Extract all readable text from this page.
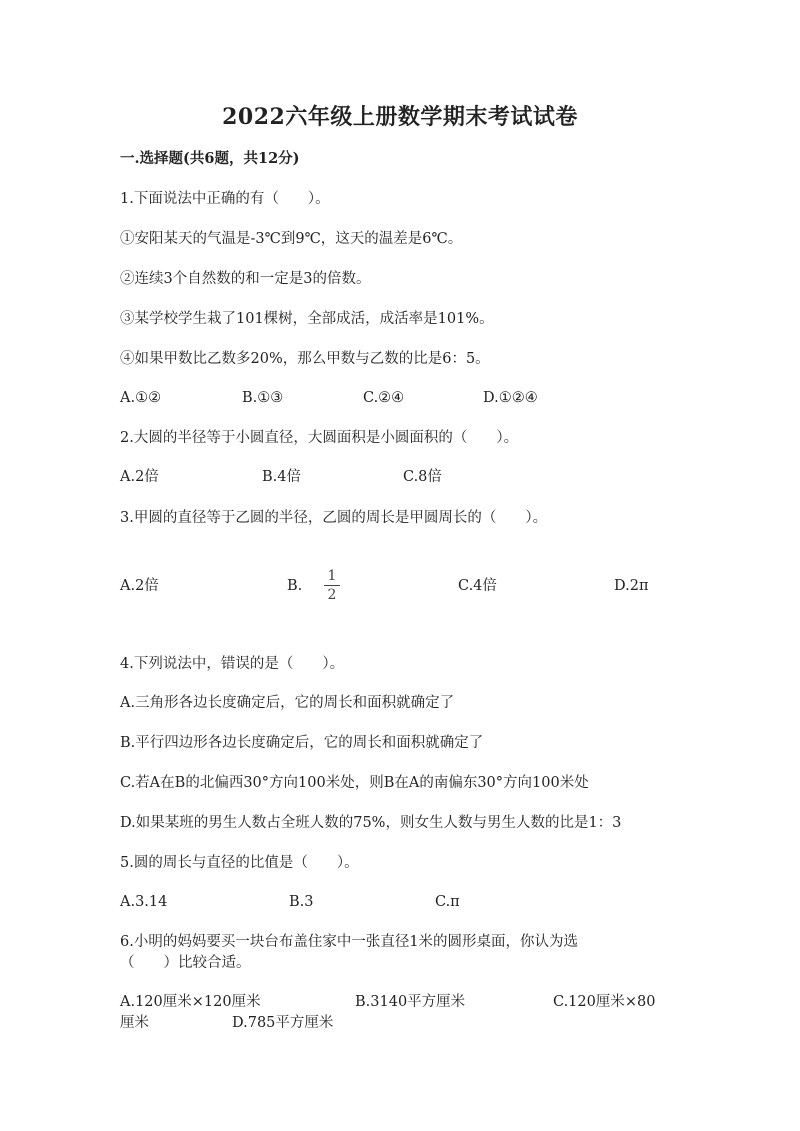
2022六年级上册数学期末考试试卷
一.选择题(共6题，共12分)
1.下面说法中正确的有（　　）。
①安阳某天的气温是-3℃到9℃，这天的温差是6℃。
②连续3个自然数的和一定是3的倍数。
③某学校学生栽了101棵树，全部成活，成活率是101%。
④如果甲数比乙数多20%，那么甲数与乙数的比是6：5。
A.①②	B.①③	C.②④	D.①②④
2.大圆的半径等于小圆直径，大圆面积是小圆面积的（　　）。
A.2倍	B.4倍	C.8倍
3.甲圆的直径等于乙圆的半径，乙圆的周长是甲圆周长的（　　）。
A.2倍	B.
1
2
C.4倍	D.2π
4.下列说法中，错误的是（　　）。
A.三角形各边长度确定后，它的周长和面积就确定了
B.平行四边形各边长度确定后，它的周长和面积就确定了
C.若A在B的北偏西30°方向100米处，则B在A的南偏东30°方向100米处
D.如果某班的男生人数占全班人数的75%，则女生人数与男生人数的比是1：3
5.圆的周长与直径的比值是（　　）。
A.3.14	B.3	C.π
6.小明的妈妈要买一块台布盖住家中一张直径1米的圆形桌面，你认为选
（　　）比较合适。
A.120厘米×120厘米	B.3140平方厘米	C.120厘米×80
厘米	D.785平方厘米
